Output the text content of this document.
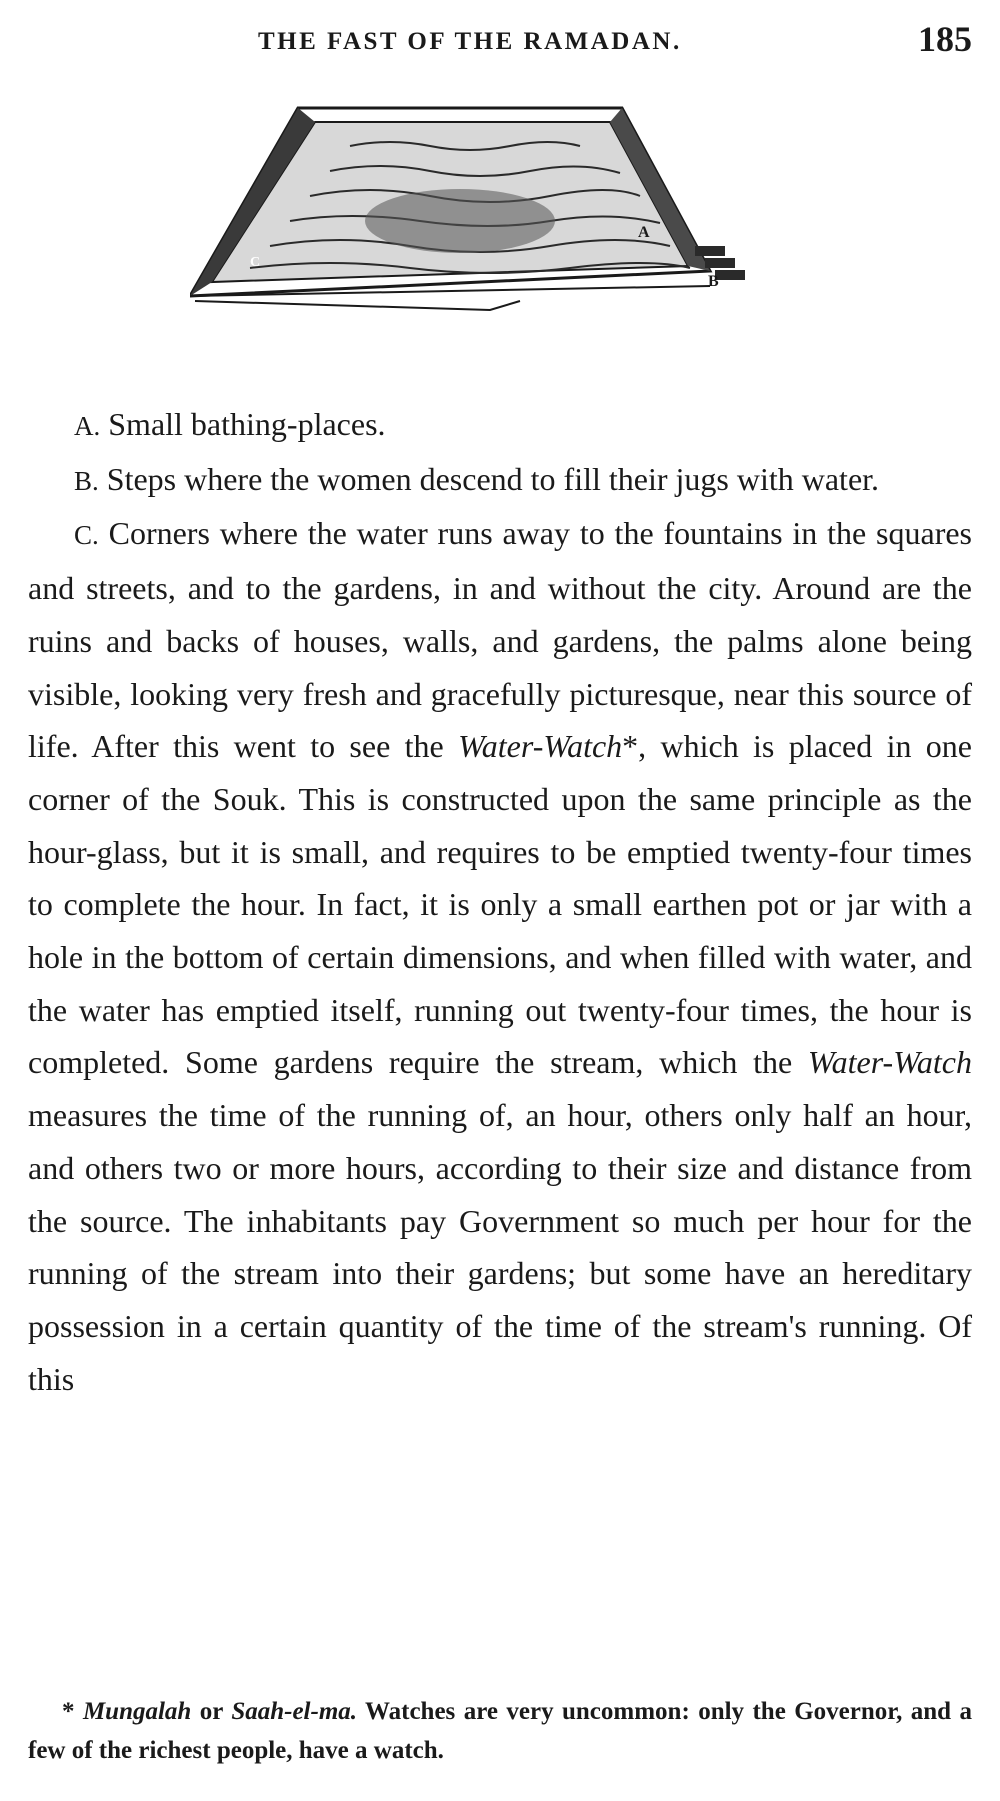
THE FAST OF THE RAMADAN.	185
A
B
C

A. Small bathing-places.

B. Steps where the women descend to fill their jugs with water.

C. Corners where the water runs away to the fountains in the squares and streets, and to the gardens, in and without the city. Around are the ruins and backs of houses, walls, and gardens, the palms alone being visible, looking very fresh and gracefully picturesque, near this source of life. After this went to see the Water-Watch*, which is placed in one corner of the Souk. This is constructed upon the same principle as the hour-glass, but it is small, and requires to be emptied twenty-four times to complete the hour. In fact, it is only a small earthen pot or jar with a hole in the bottom of certain dimensions, and when filled with water, and the water has emptied itself, running out twenty-four times, the hour is completed. Some gardens require the stream, which the Water-Watch measures the time of the running of, an hour, others only half an hour, and others two or more hours, according to their size and distance from the source. The inhabitants pay Government so much per hour for the running of the stream into their gardens; but some have an hereditary possession in a certain quantity of the time of the stream's running. Of this

* Mungalah or Saah-el-ma. Watches are very uncommon: only the Governor, and a few of the richest people, have a watch.
